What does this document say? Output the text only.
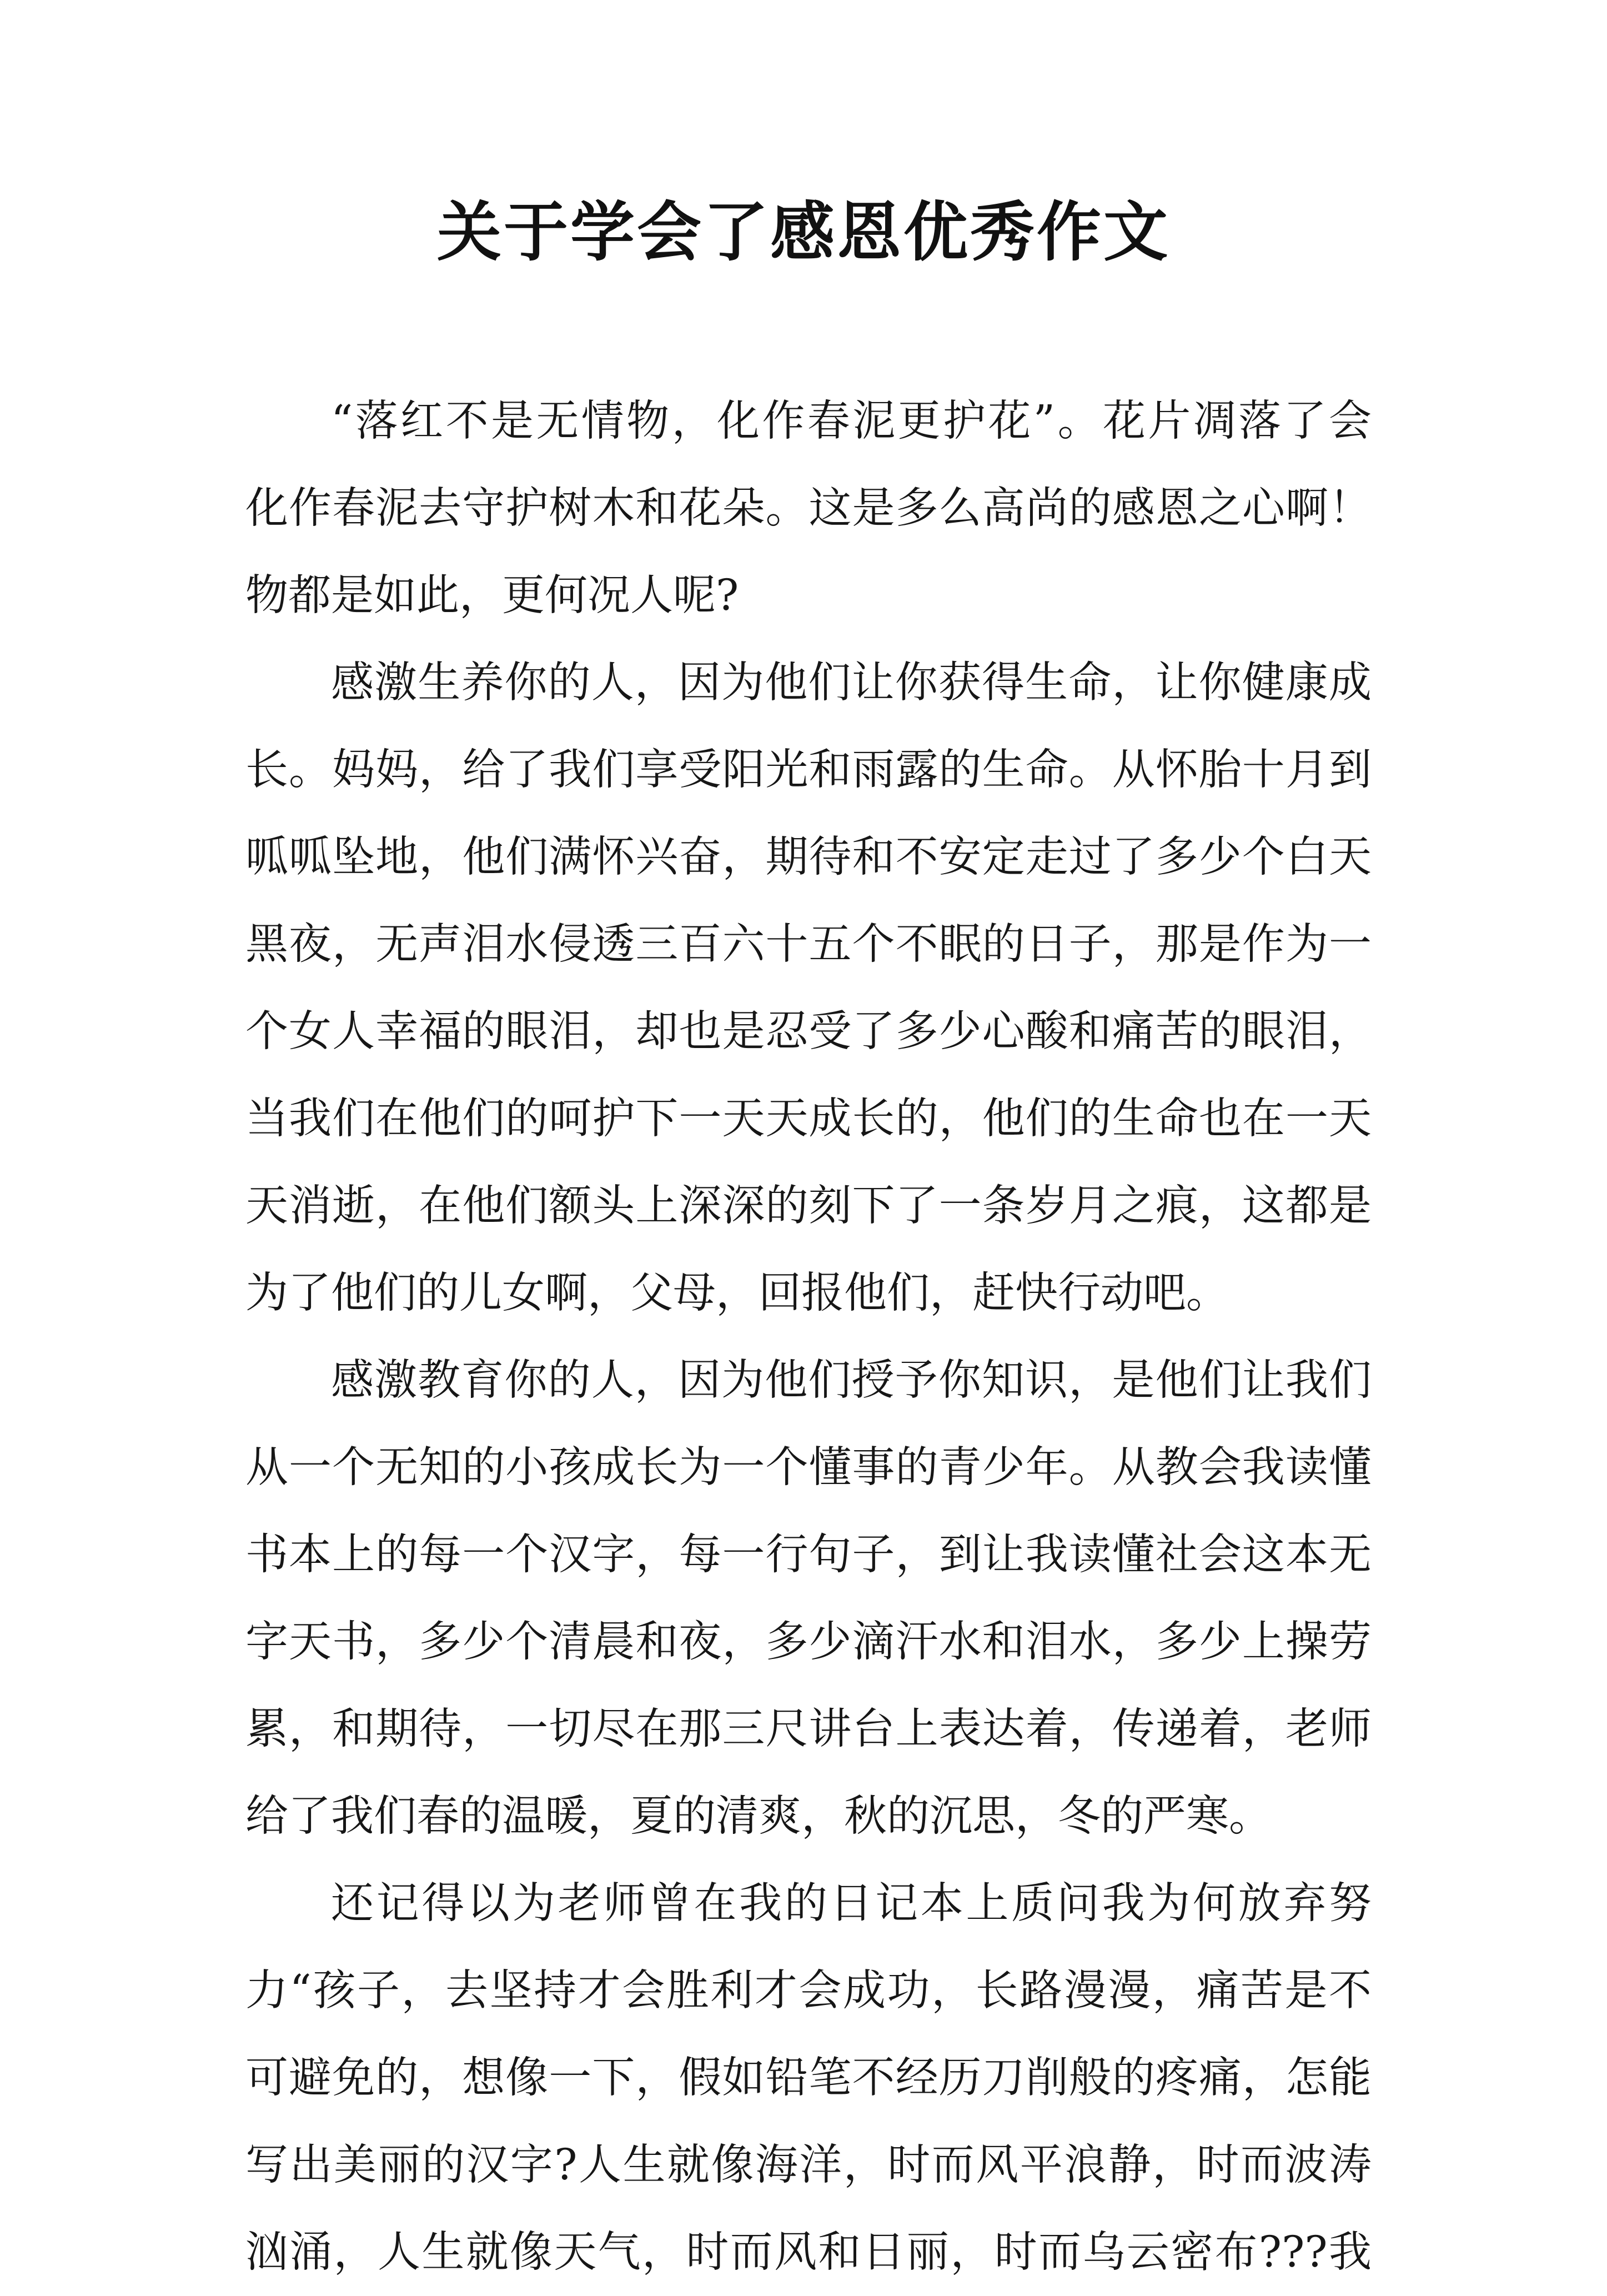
关于学会了感恩优秀作文
“落红不是无情物，化作春泥更护花”。花片凋落了会
化作春泥去守护树木和花朵。这是多么高尚的感恩之心啊！
物都是如此，更何况人呢?
感激生养你的人，因为他们让你获得生命，让你健康成
长。妈妈，给了我们享受阳光和雨露的生命。从怀胎十月到
呱呱坠地，他们满怀兴奋，期待和不安定走过了多少个白天
黑夜，无声泪水侵透三百六十五个不眠的日子，那是作为一
个女人幸福的眼泪，却也是忍受了多少心酸和痛苦的眼泪，
当我们在他们的呵护下一天天成长的，他们的生命也在一天
天消逝，在他们额头上深深的刻下了一条岁月之痕，这都是
为了他们的儿女啊，父母，回报他们，赶快行动吧。
感激教育你的人，因为他们授予你知识，是他们让我们
从一个无知的小孩成长为一个懂事的青少年。从教会我读懂
书本上的每一个汉字，每一行句子，到让我读懂社会这本无
字天书，多少个清晨和夜，多少滴汗水和泪水，多少上操劳
累，和期待，一切尽在那三尺讲台上表达着，传递着，老师
给了我们春的温暖，夏的清爽，秋的沉思，冬的严寒。
还记得以为老师曾在我的日记本上质问我为何放弃努
力“孩子，去坚持才会胜利才会成功，长路漫漫，痛苦是不
可避免的，想像一下，假如铅笔不经历刀削般的疼痛，怎能
写出美丽的汉字?人生就像海洋，时而风平浪静，时而波涛
汹涌，人生就像天气，时而风和日丽，时而乌云密布???我
